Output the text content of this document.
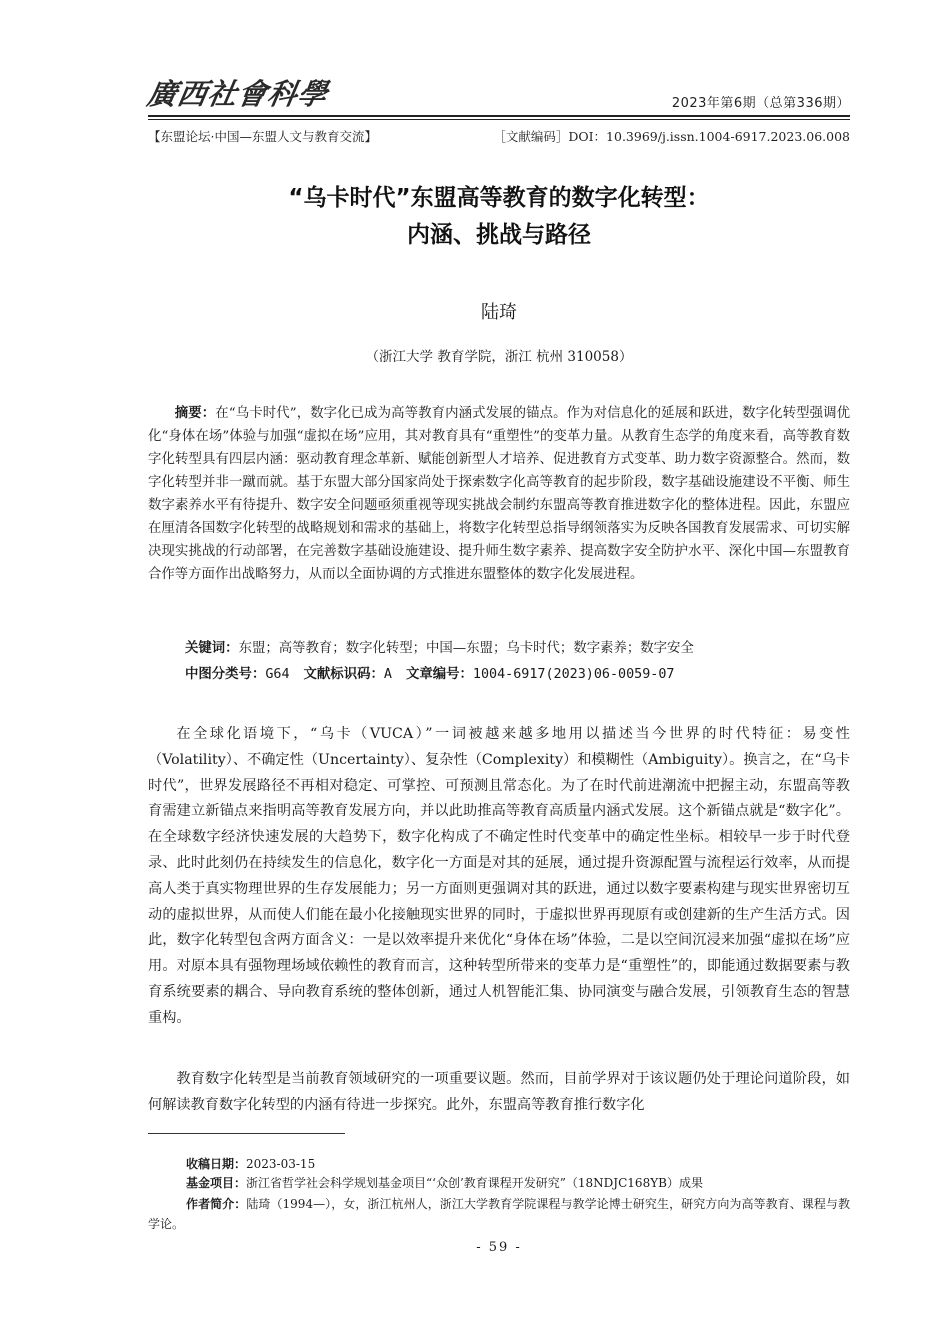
廣西社會科學	2023年第6期（总第336期）
【东盟论坛·中国—东盟人文与教育交流】	［文献编码］DOI：10.3969/j.issn.1004-6917.2023.06.008
“乌卡时代”东盟高等教育的数字化转型：
内涵、挑战与路径
陆琦
（浙江大学 教育学院，浙江 杭州 310058）
摘要：在“乌卡时代”，数字化已成为高等教育内涵式发展的锚点。作为对信息化的延展和跃进，数字化转型强调优化“身体在场”体验与加强“虚拟在场”应用，其对教育具有“重塑性”的变革力量。从教育生态学的角度来看，高等教育数字化转型具有四层内涵：驱动教育理念革新、赋能创新型人才培养、促进教育方式变革、助力数字资源整合。然而，数字化转型并非一蹴而就。基于东盟大部分国家尚处于探索数字化高等教育的起步阶段，数字基础设施建设不平衡、师生数字素养水平有待提升、数字安全问题亟须重视等现实挑战会制约东盟高等教育推进数字化的整体进程。因此，东盟应在厘清各国数字化转型的战略规划和需求的基础上，将数字化转型总指导纲领落实为反映各国教育发展需求、可切实解决现实挑战的行动部署，在完善数字基础设施建设、提升师生数字素养、提高数字安全防护水平、深化中国—东盟教育合作等方面作出战略努力，从而以全面协调的方式推进东盟整体的数字化发展进程。
关键词：东盟；高等教育；数字化转型；中国—东盟；乌卡时代；数字素养；数字安全
中图分类号：G64 文献标识码：A 文章编号：1004-6917(2023)06-0059-07
在全球化语境下，“乌卡（VUCA）”一词被越来越多地用以描述当今世界的时代特征：易变性（Volatility）、不确定性（Uncertainty）、复杂性（Complexity）和模糊性（Ambiguity）。换言之，在“乌卡时代”，世界发展路径不再相对稳定、可掌控、可预测且常态化。为了在时代前进潮流中把握主动，东盟高等教育需建立新锚点来指明高等教育发展方向，并以此助推高等教育高质量内涵式发展。这个新锚点就是“数字化”。在全球数字经济快速发展的大趋势下，数字化构成了不确定性时代变革中的确定性坐标。相较早一步于时代登录、此时此刻仍在持续发生的信息化，数字化一方面是对其的延展，通过提升资源配置与流程运行效率，从而提高人类于真实物理世界的生存发展能力；另一方面则更强调对其的跃进，通过以数字要素构建与现实世界密切互动的虚拟世界，从而使人们能在最小化接触现实世界的同时，于虚拟世界再现原有或创建新的生产生活方式。因此，数字化转型包含两方面含义：一是以效率提升来优化“身体在场”体验，二是以空间沉浸来加强“虚拟在场”应用。对原本具有强物理场域依赖性的教育而言，这种转型所带来的变革力是“重塑性”的，即能通过数据要素与教育系统要素的耦合、导向教育系统的整体创新，通过人机智能汇集、协同演变与融合发展，引领教育生态的智慧重构。
教育数字化转型是当前教育领域研究的一项重要议题。然而，目前学界对于该议题仍处于理论问道阶段，如何解读教育数字化转型的内涵有待进一步探究。此外，东盟高等教育推行数字化
收稿日期：2023-03-15
基金项目：浙江省哲学社会科学规划基金项目“‘众创’教育课程开发研究”（18NDJC168YB）成果
作者简介：陆琦（1994—），女，浙江杭州人，浙江大学教育学院课程与教学论博士研究生，研究方向为高等教育、课程与教学论。
- 59 -
